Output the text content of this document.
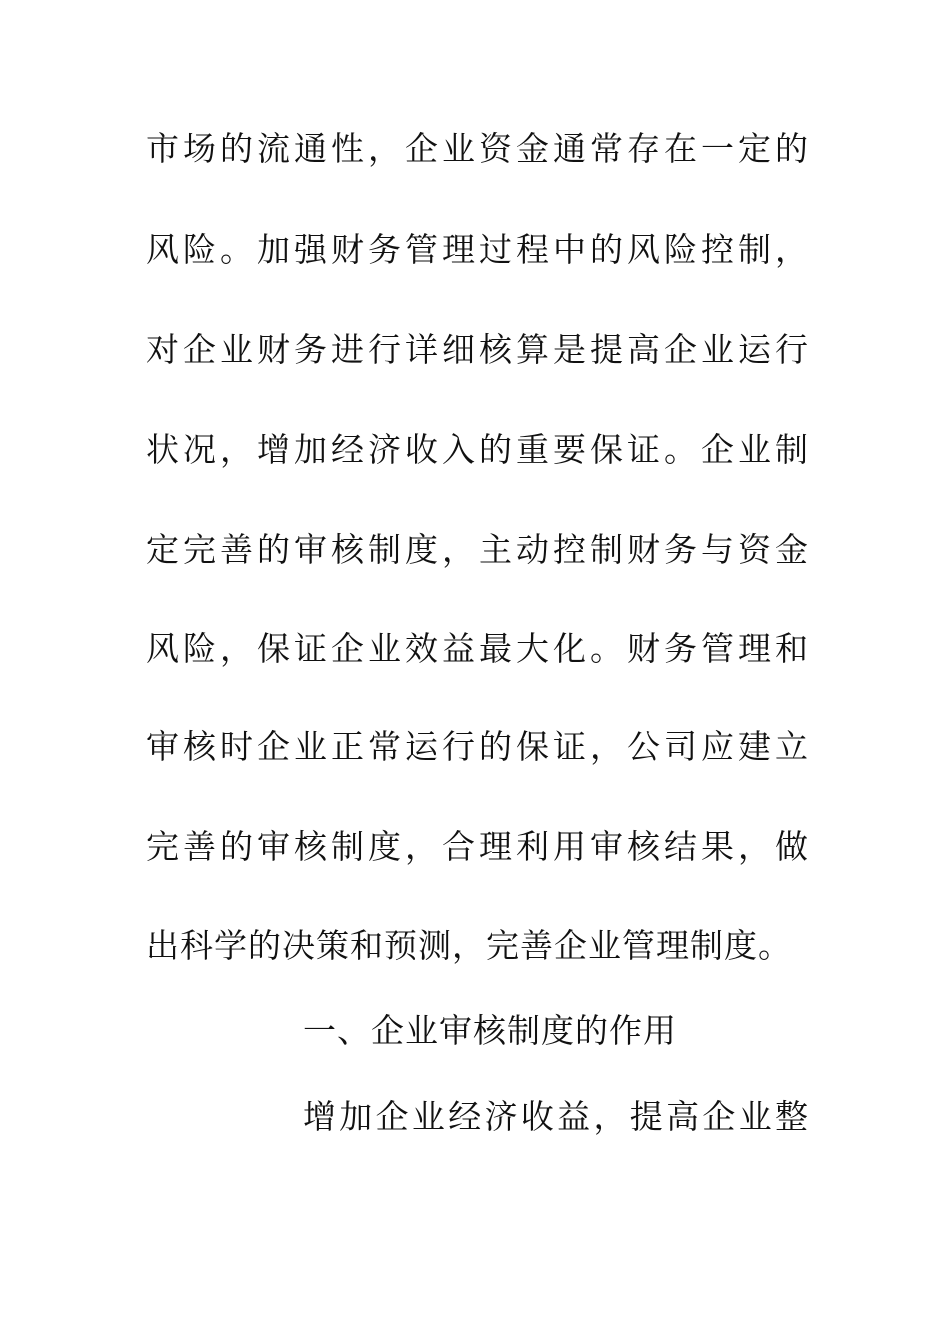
市场的流通性，企业资金通常存在一定的
风险。加强财务管理过程中的风险控制，
对企业财务进行详细核算是提高企业运行
状况，增加经济收入的重要保证。企业制
定完善的审核制度，主动控制财务与资金
风险，保证企业效益最大化。财务管理和
审核时企业正常运行的保证，公司应建立
完善的审核制度，合理利用审核结果，做
出科学的决策和预测，完善企业管理制度。
一、企业审核制度的作用
增加企业经济收益，提高企业整
